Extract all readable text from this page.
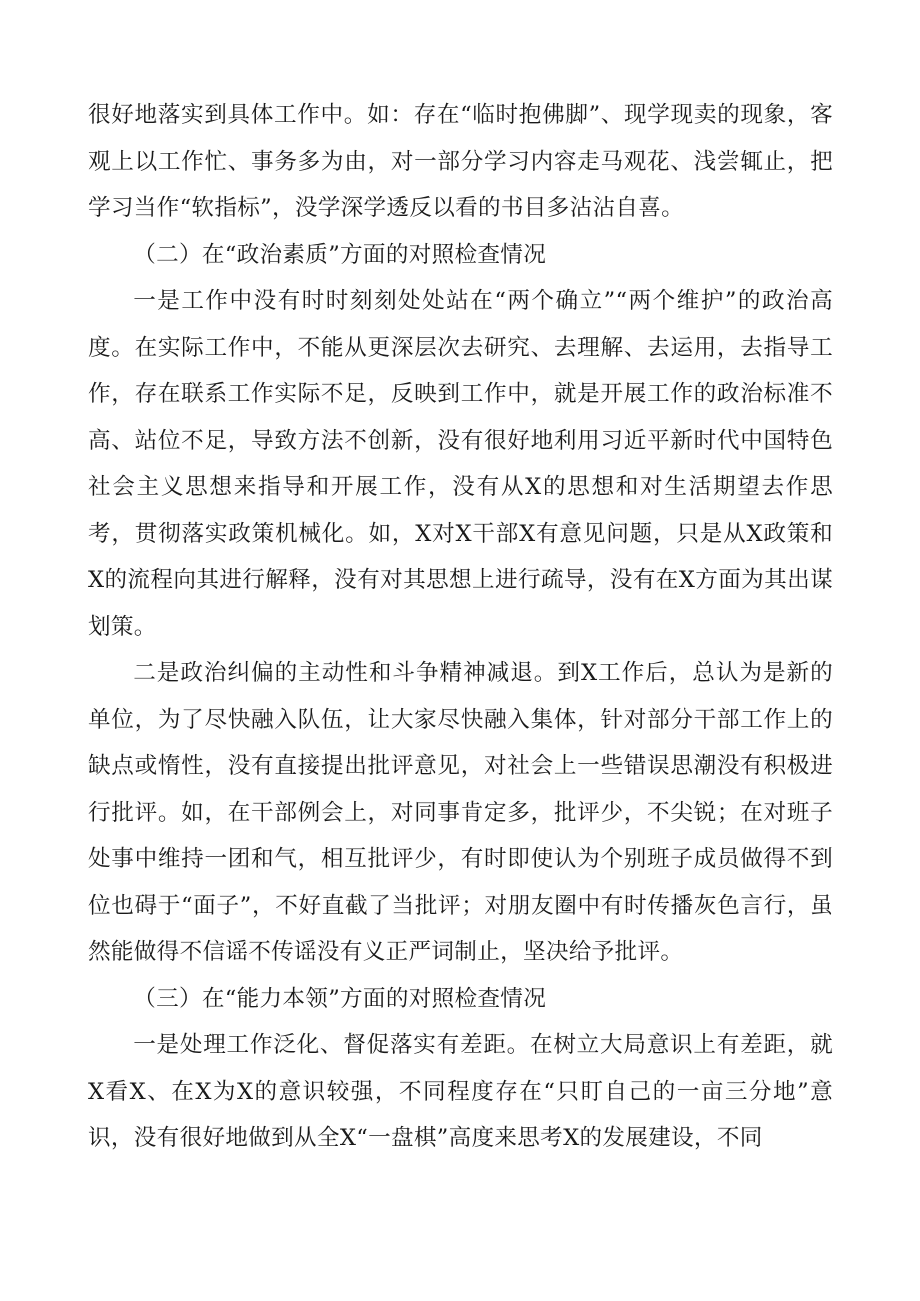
很好地落实到具体工作中。如：存在“临时抱佛脚”、现学现卖的现象，客观上以工作忙、事务多为由，对一部分学习内容走马观花、浅尝辄止，把学习当作“软指标”，没学深学透反以看的书目多沾沾自喜。

（二）在“政治素质”方面的对照检查情况

一是工作中没有时时刻刻处处站在“两个确立”“两个维护”的政治高度。在实际工作中，不能从更深层次去研究、去理解、去运用，去指导工作，存在联系工作实际不足，反映到工作中，就是开展工作的政治标准不高、站位不足，导致方法不创新，没有很好地利用习近平新时代中国特色社会主义思想来指导和开展工作，没有从X的思想和对生活期望去作思考，贯彻落实政策机械化。如，X对X干部X有意见问题，只是从X政策和X的流程向其进行解释，没有对其思想上进行疏导，没有在X方面为其出谋划策。

二是政治纠偏的主动性和斗争精神减退。到X工作后，总认为是新的单位，为了尽快融入队伍，让大家尽快融入集体，针对部分干部工作上的缺点或惰性，没有直接提出批评意见，对社会上一些错误思潮没有积极进行批评。如，在干部例会上，对同事肯定多，批评少，不尖锐；在对班子处事中维持一团和气，相互批评少，有时即使认为个别班子成员做得不到位也碍于“面子”，不好直截了当批评；对朋友圈中有时传播灰色言行，虽然能做得不信谣不传谣没有义正严词制止，坚决给予批评。

（三）在“能力本领”方面的对照检查情况

一是处理工作泛化、督促落实有差距。在树立大局意识上有差距，就X看X、在X为X的意识较强，不同程度存在“只盯自己的一亩三分地”意识，没有很好地做到从全X“一盘棋”高度来思考X的发展建设，不同
